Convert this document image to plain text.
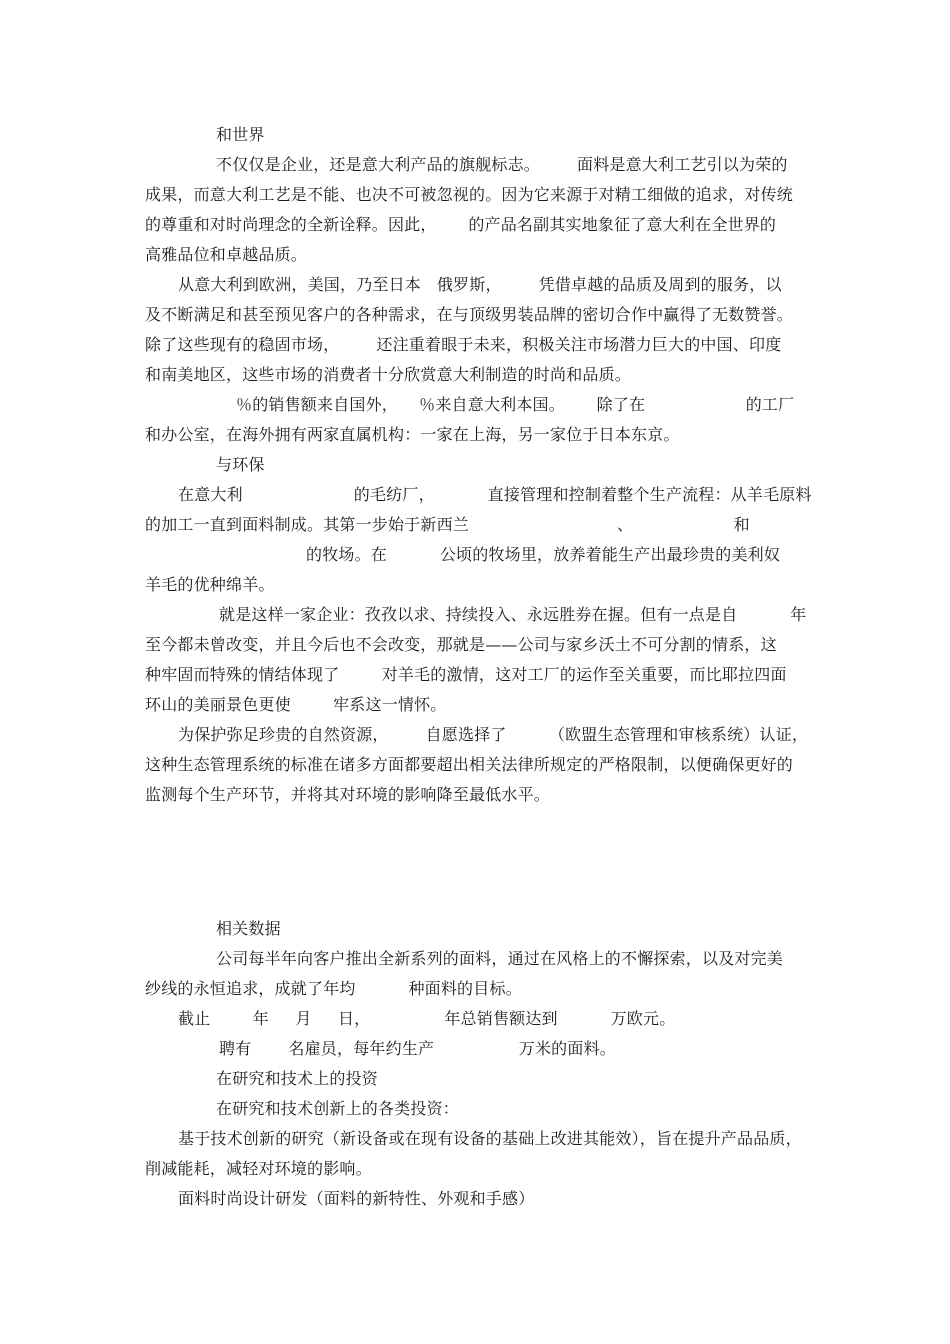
和世界

不仅仅是企业，还是意大利产品的旗舰标志。       面料是意大利工艺引以为荣的

成果，而意大利工艺是不能、也决不可被忽视的。因为它来源于对精工细做的追求，对传统

的尊重和对时尚理念的全新诠释。因此，      的产品名副其实地象征了意大利在全世界的

高雅品位和卓越品质。

从意大利到欧洲，美国，乃至日本   俄罗斯，       凭借卓越的品质及周到的服务，以

及不断满足和甚至预见客户的各种需求，在与顶级男装品牌的密切合作中赢得了无数赞誉。

除了这些现有的稳固市场，       还注重着眼于未来，积极关注市场潜力巨大的中国、印度

和南美地区，这些市场的消费者十分欣赏意大利制造的时尚和品质。

％的销售额来自国外，    ％来自意大利本国。      除了在                   的工厂

和办公室，在海外拥有两家直属机构：一家在上海，另一家位于日本东京。

与环保

在意大利                     的毛纺厂，          直接管理和控制着整个生产流程：从羊毛原料

的加工一直到面料制成。其第一步始于新西兰                            、                   和

的牧场。在          公顷的牧场里，放养着能生产出最珍贵的美利奴

羊毛的优种绵羊。

就是这样一家企业：孜孜以求、持续投入、永远胜券在握。但有一点是自          年

至今都未曾改变，并且今后也不会改变，那就是——公司与家乡沃土不可分割的情系，这

种牢固而特殊的情结体现了        对羊毛的激情，这对工厂的运作至关重要，而比耶拉四面

环山的美丽景色更使        牢系这一情怀。

为保护弥足珍贵的自然资源，       自愿选择了        （欧盟生态管理和审核系统）认证，

这种生态管理系统的标准在诸多方面都要超出相关法律所规定的严格限制，以便确保更好的

监测每个生产环节，并将其对环境的影响降至最低水平。

相关数据

公司每半年向客户推出全新系列的面料，通过在风格上的不懈探索，以及对完美

纱线的永恒追求，成就了年均          种面料的目标。

截止        年     月     日，              年总销售额达到          万欧元。

聘有       名雇员，每年约生产                万米的面料。

在研究和技术上的投资

在研究和技术创新上的各类投资：

基于技术创新的研究（新设备或在现有设备的基础上改进其能效），旨在提升产品品质，

削减能耗，减轻对环境的影响。

面料时尚设计研发（面料的新特性、外观和手感）
